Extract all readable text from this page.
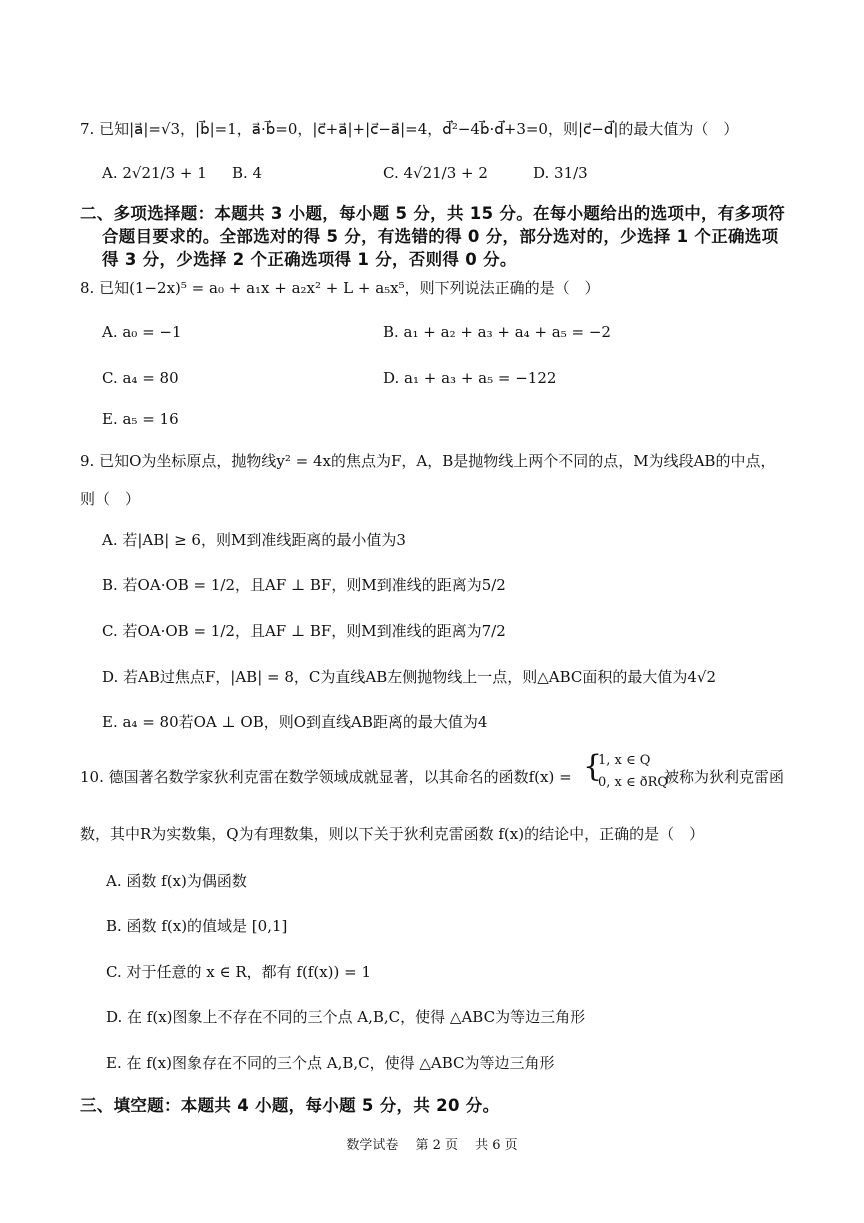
7. 已知|a⃗|=√3，|b⃗|=1，a⃗·b⃗=0，|c⃗+a⃗|+|c⃗−a⃗|=4，d⃗²−4b⃗·d⃗+3=0，则|c⃗−d⃗|的最大值为（　）
A. 2√21/3 + 1 B. 4	C. 4√21/3 + 2	D. 31/3
二、多项选择题：本题共 3 小题，每小题 5 分，共 15 分。在每小题给出的选项中，有多项符
合题目要求的。全部选对的得 5 分，有选错的得 0 分，部分选对的，少选择 1 个正确选项
得 3 分，少选择 2 个正确选项得 1 分，否则得 0 分。
8. 已知(1−2x)⁵ = a₀ + a₁x + a₂x² + L + a₅x⁵，则下列说法正确的是（　）
A. a₀ = −1	B. a₁ + a₂ + a₃ + a₄ + a₅ = −2
C. a₄ = 80	D. a₁ + a₃ + a₅ = −122
E. a₅ = 16
9. 已知O为坐标原点，抛物线y² = 4x的焦点为F，A，B是抛物线上两个不同的点，M为线段AB的中点，
则（　）
A. 若|AB| ≥ 6，则M到准线距离的最小值为3
B. 若OA·OB = 1/2，且AF ⊥ BF，则M到准线的距离为5/2
C. 若OA·OB = 1/2，且AF ⊥ BF，则M到准线的距离为7/2
D. 若AB过焦点F，|AB| = 8，C为直线AB左侧抛物线上一点，则△ABC面积的最大值为4√2
E. a₄ = 80若OA ⊥ OB，则O到直线AB距离的最大值为4
10. 德国著名数学家狄利克雷在数学领域成就显著，以其命名的函数f(x) = {
1, x ∈ Q
0, x ∈ ðRQ
被称为狄利克雷函
数，其中R为实数集，Q为有理数集，则以下关于狄利克雷函数 f(x)的结论中，正确的是（　）
A. 函数 f(x)为偶函数
B. 函数 f(x)的值域是 [0,1]
C. 对于任意的 x ∈ R，都有 f(f(x)) = 1
D. 在 f(x)图象上不存在不同的三个点 A,B,C，使得 △ABC为等边三角形
E. 在 f(x)图象存在不同的三个点 A,B,C，使得 △ABC为等边三角形
三、填空题：本题共 4 小题，每小题 5 分，共 20 分。
数学试卷　 第 2 页　 共 6 页
